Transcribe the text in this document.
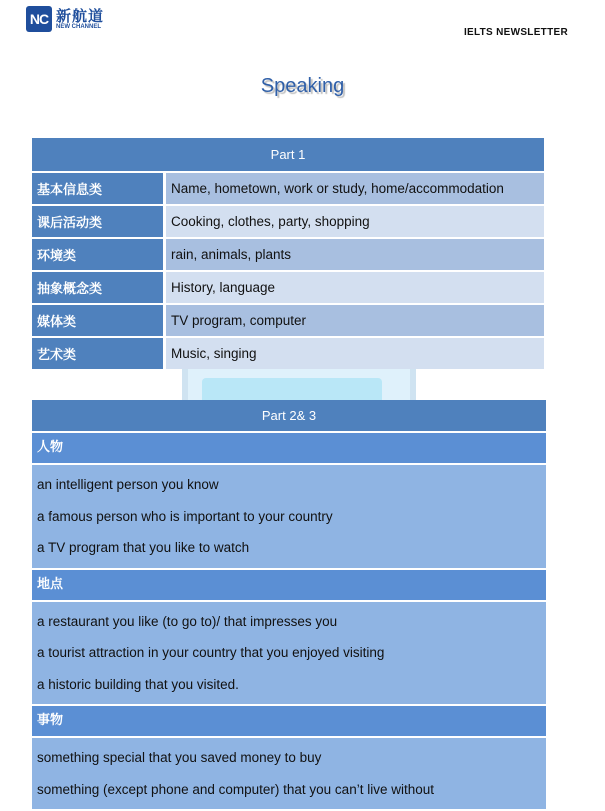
NC 新航道
NEW CHANNEL	IELTS NEWSLETTER
Speaking
Part 1	
基本信息类	Name, hometown, work or study, home/accommodation
课后活动类	Cooking, clothes, party, shopping
环境类	rain, animals, plants
抽象概念类	History, language
媒体类	TV program, computer
艺术类	Music, singing
Part 2& 3
人物
an intelligent person you know
a famous person who is important to your country
a TV program that you like to watch
地点
a restaurant you like (to go to)/ that impresses you
a tourist attraction in your country that you enjoyed visiting
a historic building that you visited.
事物
something special that you saved money to buy
something (except phone and computer) that you can’t live without
